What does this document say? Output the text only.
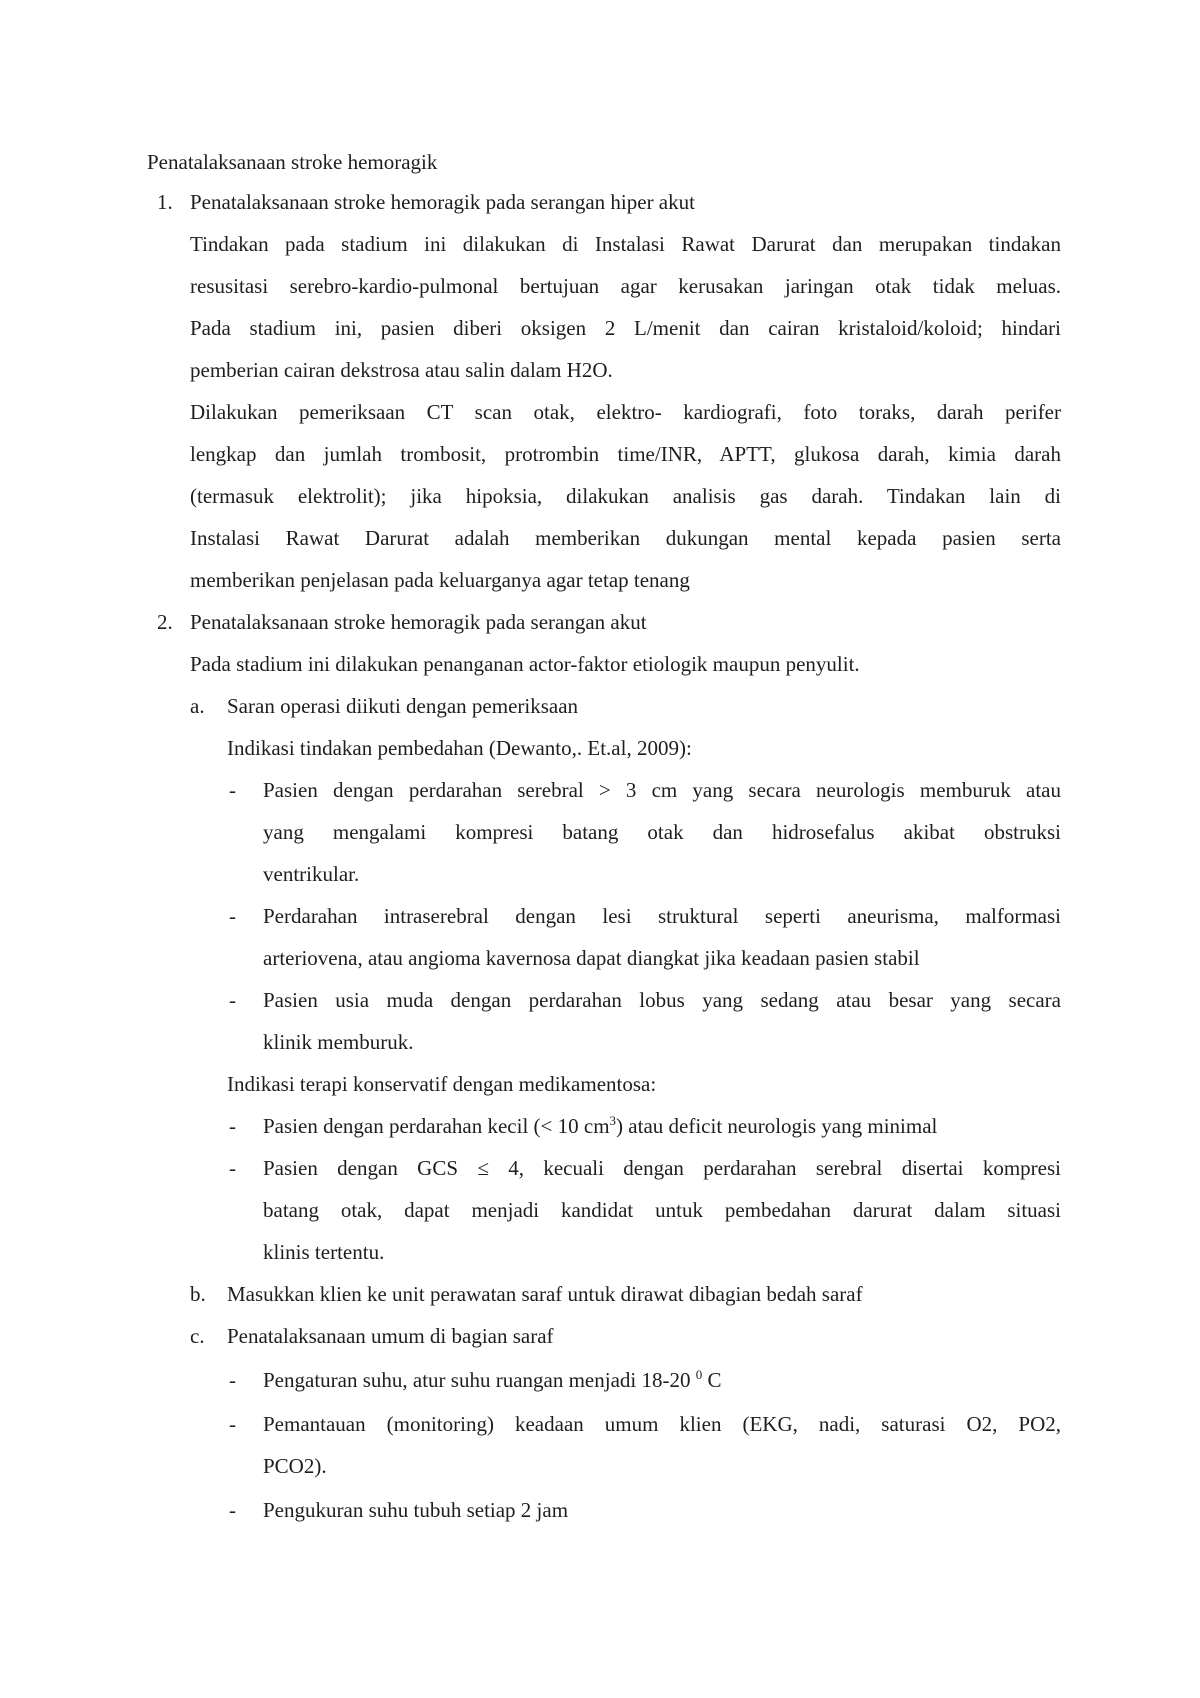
Penatalaksanaan stroke hemoragik
1. Penatalaksanaan stroke hemoragik pada serangan hiper akut
Tindakan pada stadium ini dilakukan di Instalasi Rawat Darurat dan merupakan tindakan
resusitasi serebro-kardio-pulmonal bertujuan agar kerusakan jaringan otak tidak meluas.
Pada stadium ini, pasien diberi oksigen 2 L/menit dan cairan kristaloid/koloid; hindari
pemberian cairan dekstrosa atau salin dalam H2O.
Dilakukan pemeriksaan CT scan otak, elektro- kardiografi, foto toraks, darah perifer
lengkap dan jumlah trombosit, protrombin time/INR, APTT, glukosa darah, kimia darah
(termasuk elektrolit); jika hipoksia, dilakukan analisis gas darah. Tindakan lain di
Instalasi Rawat Darurat adalah memberikan dukungan mental kepada pasien serta
memberikan penjelasan pada keluarganya agar tetap tenang
2. Penatalaksanaan stroke hemoragik pada serangan akut
Pada stadium ini dilakukan penanganan actor-faktor etiologik maupun penyulit.
a. Saran operasi diikuti dengan pemeriksaan
Indikasi tindakan pembedahan (Dewanto,. Et.al, 2009):
- Pasien dengan perdarahan serebral > 3 cm yang secara neurologis memburuk atau
yang mengalami kompresi batang otak dan hidrosefalus akibat obstruksi
ventrikular.
- Perdarahan intraserebral dengan lesi struktural seperti aneurisma, malformasi
arteriovena, atau angioma kavernosa dapat diangkat jika keadaan pasien stabil
- Pasien usia muda dengan perdarahan lobus yang sedang atau besar yang secara
klinik memburuk.
Indikasi terapi konservatif dengan medikamentosa:
- Pasien dengan perdarahan kecil (< 10 $cm^3$) atau deficit neurologis yang minimal
- Pasien dengan GCS ≤ 4, kecuali dengan perdarahan serebral disertai kompresi
batang otak, dapat menjadi kandidat untuk pembedahan darurat dalam situasi
klinis tertentu.
b. Masukkan klien ke unit perawatan saraf untuk dirawat dibagian bedah saraf
c. Penatalaksanaan umum di bagian saraf
‐ Pengaturan suhu, atur suhu ruangan menjadi 18-20 $^0$ C
‐ Pemantauan (monitoring) keadaan umum klien (EKG, nadi, saturasi O2, PO2,
PCO2).
‐ Pengukuran suhu tubuh setiap 2 jam
